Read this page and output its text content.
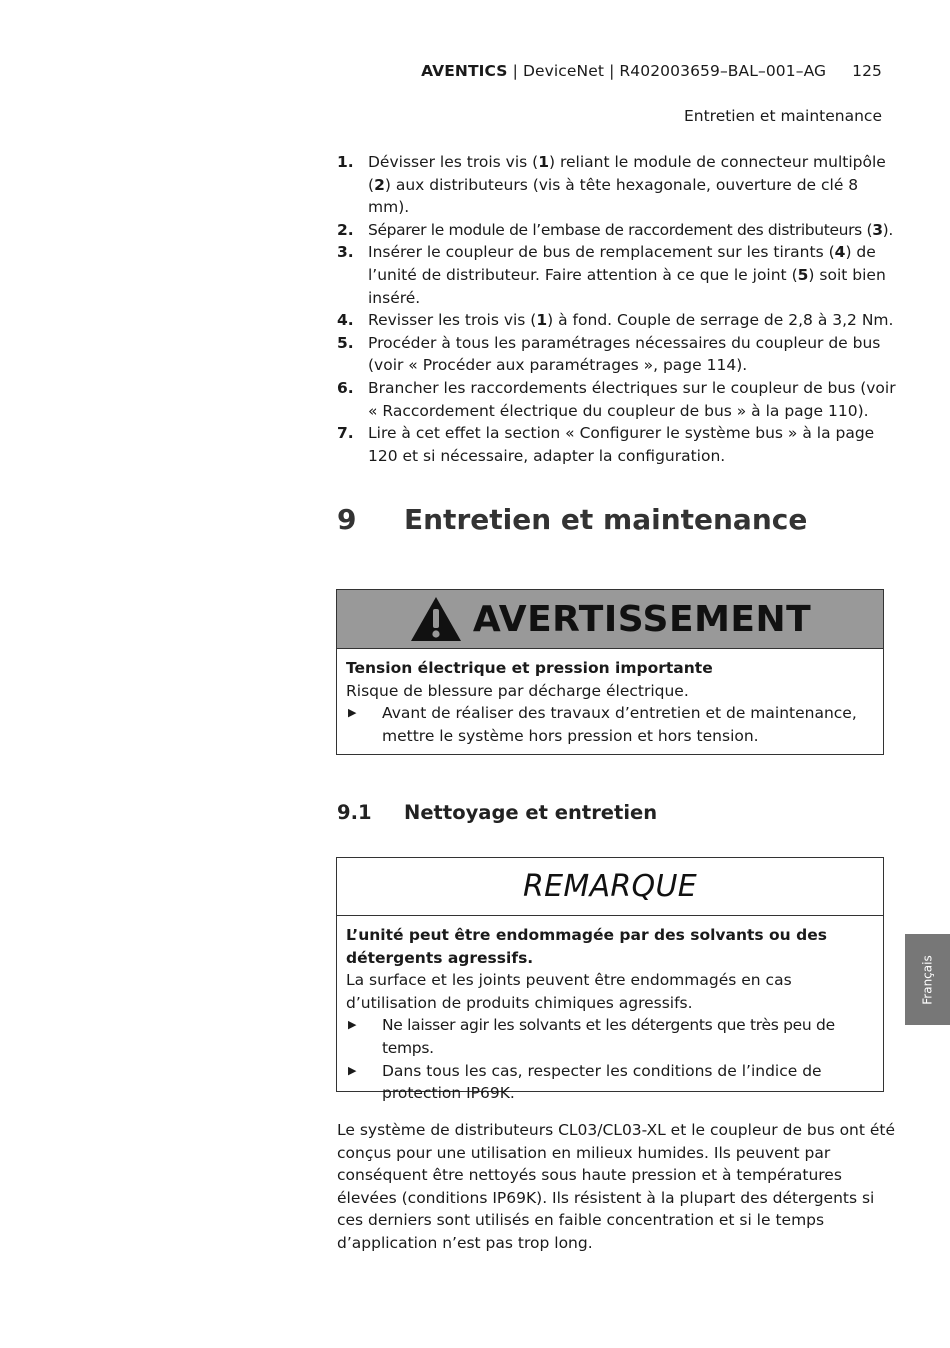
AVENTICS | DeviceNet | R402003659–BAL–001–AG 125
Entretien et maintenance
1. Dévisser les trois vis (1) reliant le module de connecteur multipôle (2) aux distributeurs (vis à tête hexagonale, ouverture de clé 8 mm).
2. Séparer le module de l’embase de raccordement des distributeurs (3).
3. Insérer le coupleur de bus de remplacement sur les tirants (4) de l’unité de distributeur. Faire attention à ce que le joint (5) soit bien inséré.
4. Revisser les trois vis (1) à fond. Couple de serrage de 2,8 à 3,2 Nm.
5. Procéder à tous les paramétrages nécessaires du coupleur de bus (voir « Procéder aux paramétrages », page 114).
6. Brancher les raccordements électriques sur le coupleur de bus (voir « Raccordement électrique du coupleur de bus » à la page 110).
7. Lire à cet effet la section « Configurer le système bus » à la page 120 et si nécessaire, adapter la configuration.
9	Entretien et maintenance
AVERTISSEMENT
Tension électrique et pression importante
Risque de blessure par décharge électrique.
▶ Avant de réaliser des travaux d’entretien et de maintenance, mettre le système hors pression et hors tension.
9.1 Nettoyage et entretien
REMARQUE
L’unité peut être endommagée par des solvants ou des détergents agressifs.
La surface et les joints peuvent être endommagés en cas d’utilisation de produits chimiques agressifs.
▶ Ne laisser agir les solvants et les détergents que très peu de temps.
▶ Dans tous les cas, respecter les conditions de l’indice de protection IP69K.

Le système de distributeurs CL03/CL03-XL et le coupleur de bus ont été conçus pour une utilisation en milieux humides. Ils peuvent par conséquent être nettoyés sous haute pression et à températures élevées (conditions IP69K). Ils résistent à la plupart des détergents si ces derniers sont utilisés en faible concentration et si le temps d’application n’est pas trop long.

Français
